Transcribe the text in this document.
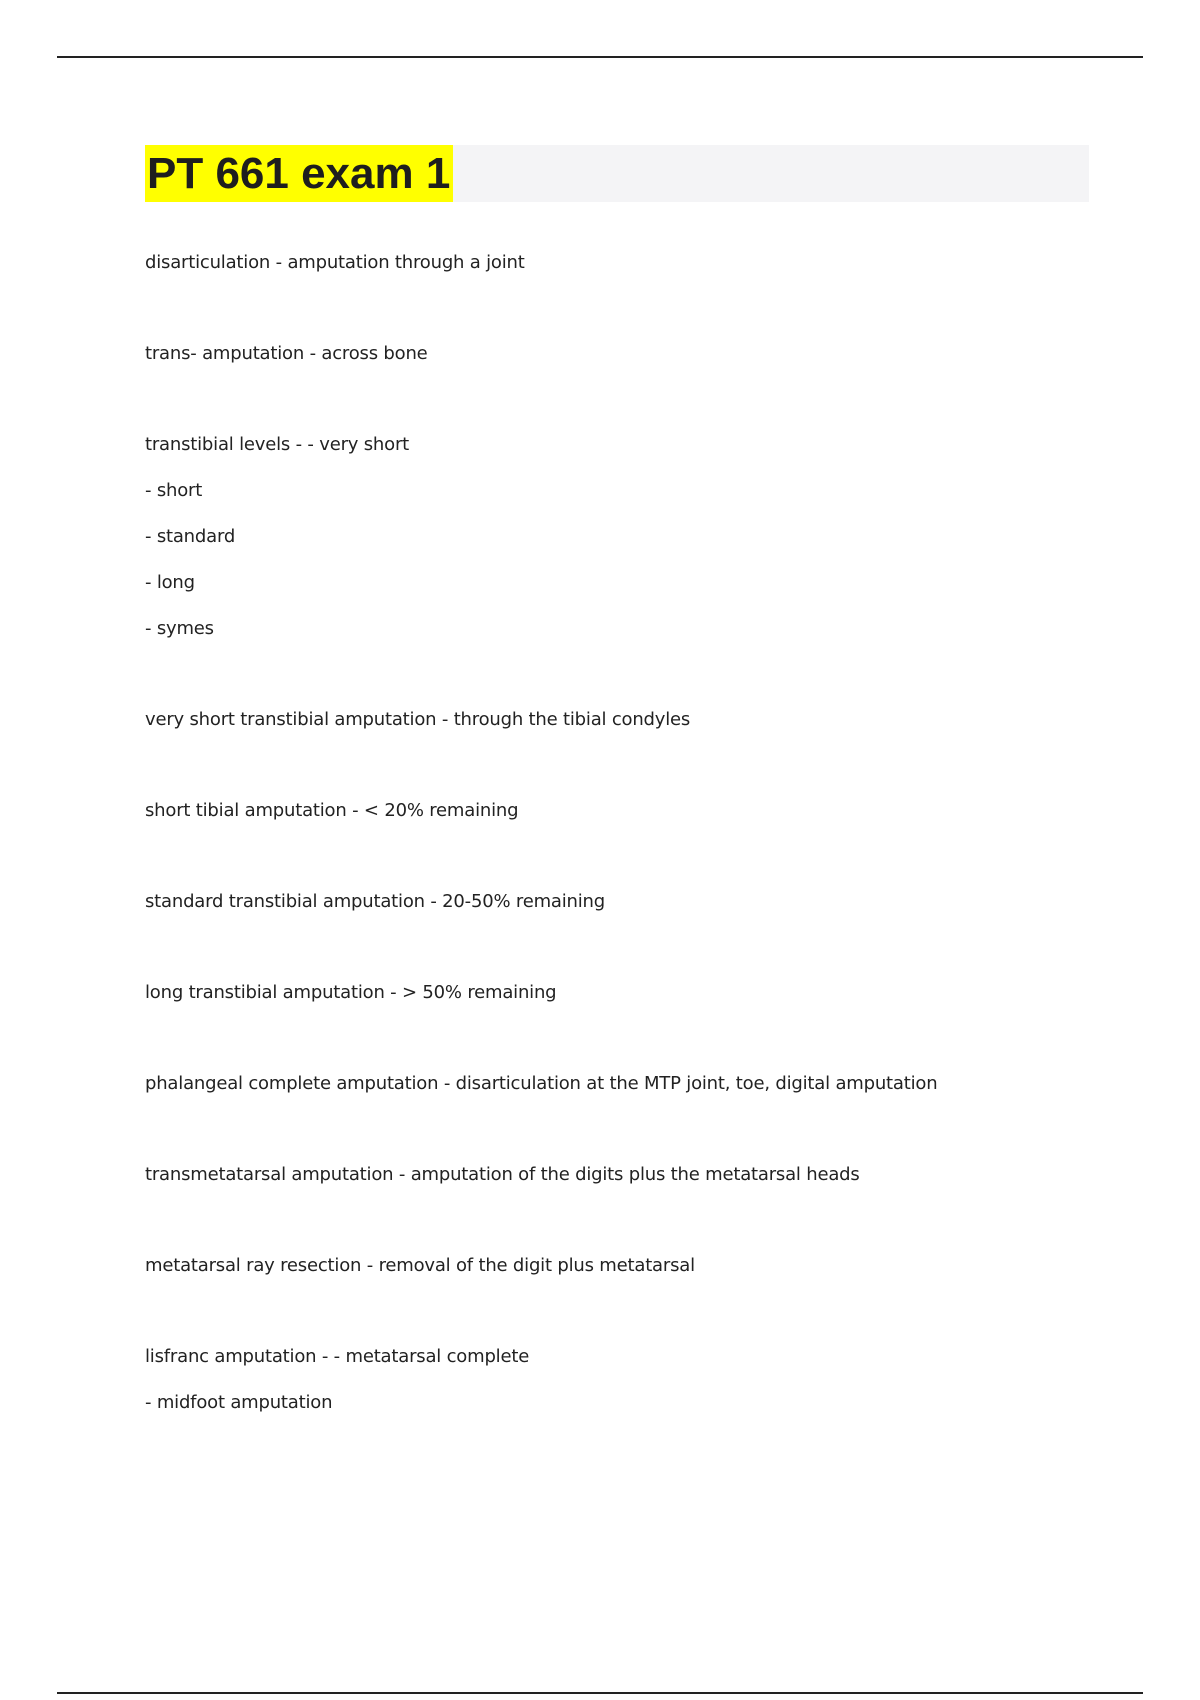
PT 661 exam 1
disarticulation - amputation through a joint
trans- amputation - across bone
transtibial levels - - very short
- short
- standard
- long
- symes
very short transtibial amputation - through the tibial condyles
short tibial amputation - < 20% remaining
standard transtibial amputation - 20-50% remaining
long transtibial amputation - > 50% remaining
phalangeal complete amputation - disarticulation at the MTP joint, toe, digital amputation
transmetatarsal amputation - amputation of the digits plus the metatarsal heads
metatarsal ray resection - removal of the digit plus metatarsal
lisfranc amputation - - metatarsal complete
- midfoot amputation
